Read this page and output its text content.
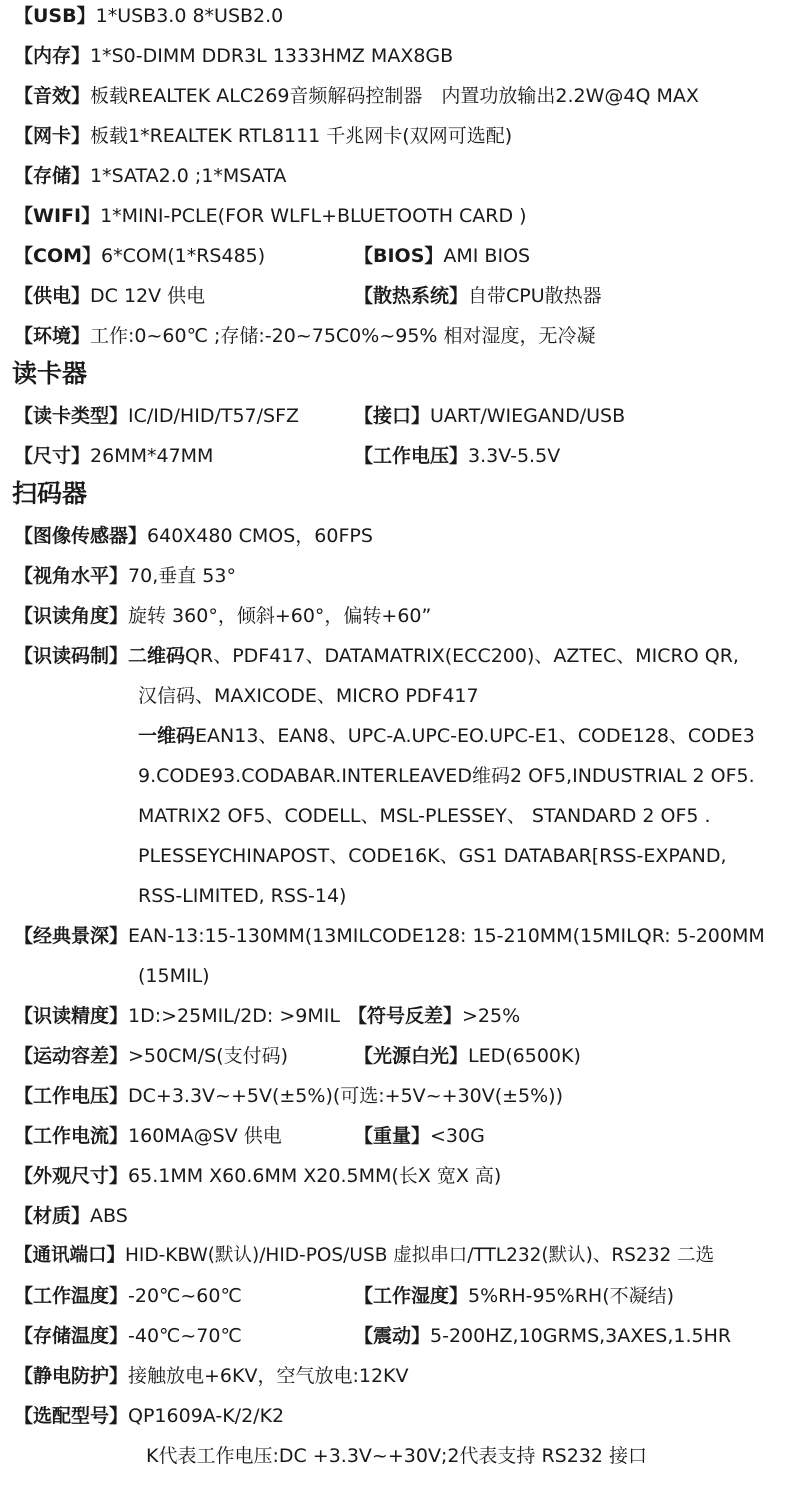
【USB】1*USB3.0 8*USB2.0
【内存】1*S0-DIMM DDR3L 1333HMZ MAX8GB
【音效】板载REALTEK ALC269音频解码控制器　内置功放输出2.2W@4Q MAX
【网卡】板载1*REALTEK RTL8111 千兆网卡(双网可选配)
【存储】1*SATA2.0 ;1*MSATA
【WIFI】1*MINI-PCLE(FOR WLFL+BLUETOOTH CARD )
【COM】6*COM(1*RS485)	【BIOS】AMI BIOS
【供电】DC 12V 供电	【散热系统】自带CPU散热器
【环境】工作:0~60℃ ;存储:-20~75C0%~95% 相对湿度，无冷凝
读卡器
【读卡类型】IC/ID/HID/T57/SFZ	【接口】UART/WIEGAND/USB
【尺寸】26MM*47MM	【工作电压】3.3V-5.5V
扫码器
【图像传感器】640X480 CMOS，60FPS
【视角水平】70,垂直 53°
【识读角度】旋转 360°，倾斜+60°，偏转+60”
【识读码制】二维码QR、PDF417、DATAMATRIX(ECC200)、AZTEC、MICRO QR,
汉信码、MAXICODE、MICRO PDF417
一维码EAN13、EAN8、UPC-A.UPC-EO.UPC-E1、CODE128、CODE3
9.CODE93.CODABAR.INTERLEAVED维码2 OF5,INDUSTRIAL 2 OF5.
MATRIX2 OF5、CODELL、MSL-PLESSEY、 STANDARD 2 OF5 .
PLESSEYCHINAPOST、CODE16K、GS1 DATABAR[RSS-EXPAND,
RSS-LIMITED, RSS-14)
【经典景深】EAN-13:15-130MM(13MILCODE128: 15-210MM(15MILQR: 5-200MM
(15MIL)
【识读精度】1D:>25MIL/2D: >9MIL 【符号反差】>25%
【运动容差】>50CM/S(支付码)	【光源白光】LED(6500K)
【工作电压】DC+3.3V~+5V(±5%)(可选:+5V~+30V(±5%))
【工作电流】160MA@SV 供电	【重量】<30G
【外观尺寸】65.1MM X60.6MM X20.5MM(长X 宽X 高)
【材质】ABS
【通讯端口】HID-KBW(默认)/HID-POS/USB 虚拟串口/TTL232(默认)、RS232 二选
【工作温度】-20℃~60℃	【工作湿度】5%RH-95%RH(不凝结)
【存储温度】-40℃~70℃	【震动】5-200HZ,10GRMS,3AXES,1.5HR
【静电防护】接触放电+6KV，空气放电:12KV
【选配型号】QP1609A-K/2/K2
K代表工作电压:DC +3.3V~+30V;2代表支持 RS232 接口
